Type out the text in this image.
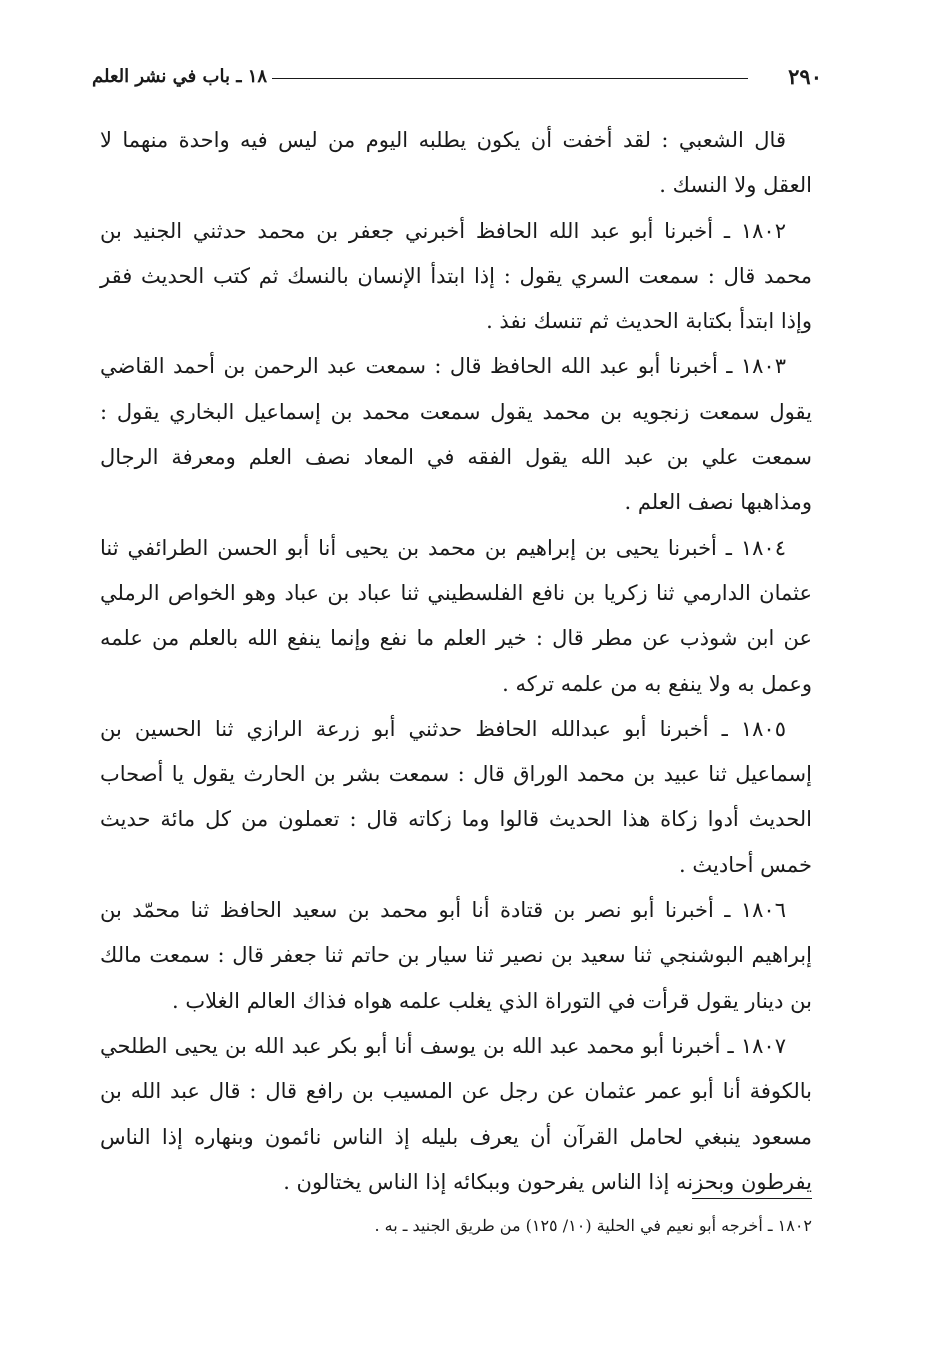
٢٩٠
١٨ ـ باب في نشر العلم

قال الشعبي : لقد أخفت أن يكون يطلبه اليوم من ليس فيه واحدة منهما لا العقل ولا النسك .

١٨٠٢ ـ أخبرنا أبو عبد الله الحافظ أخبرني جعفر بن محمد حدثني الجنيد بن محمد قال : سمعت السري يقول : إذا ابتدأ الإنسان بالنسك ثم كتب الحديث فقر وإذا ابتدأ بكتابة الحديث ثم تنسك نفذ .

١٨٠٣ ـ أخبرنا أبو عبد الله الحافظ قال : سمعت عبد الرحمن بن أحمد القاضي يقول سمعت زنجويه بن محمد يقول سمعت محمد بن إسماعيل البخاري يقول : سمعت علي بن عبد الله يقول الفقه في المعاد نصف العلم ومعرفة الرجال ومذاهبها نصف العلم .

١٨٠٤ ـ أخبرنا يحيى بن إبراهيم بن محمد بن يحيى أنا أبو الحسن الطرائفي ثنا عثمان الدارمي ثنا زكريا بن نافع الفلسطيني ثنا عباد بن عباد وهو الخواص الرملي عن ابن شوذب عن مطر قال : خير العلم ما نفع وإنما ينفع الله بالعلم من علمه وعمل به ولا ينفع به من علمه تركه .

١٨٠٥ ـ أخبرنا أبو عبدالله الحافظ حدثني أبو زرعة الرازي ثنا الحسين بن إسماعيل ثنا عبيد بن محمد الوراق قال : سمعت بشر بن الحارث يقول يا أصحاب الحديث أدوا زكاة هذا الحديث قالوا وما زكاته قال : تعملون من كل مائة حديث خمس أحاديث .

١٨٠٦ ـ أخبرنا أبو نصر بن قتادة أنا أبو محمد بن سعيد الحافظ ثنا محمّد بن إبراهيم البوشنجي ثنا سعيد بن نصير ثنا سيار بن حاتم ثنا جعفر قال : سمعت مالك بن دينار يقول قرأت في التوراة الذي يغلب علمه هواه فذاك العالم الغلاب .

١٨٠٧ ـ أخبرنا أبو محمد عبد الله بن يوسف أنا أبو بكر عبد الله بن يحيى الطلحي بالكوفة أنا أبو عمر عثمان عن رجل عن المسيب بن رافع قال : قال عبد الله بن مسعود ينبغي لحامل القرآن أن يعرف بليله إذ الناس نائمون وبنهاره إذا الناس يفرطون وبحزنه إذا الناس يفرحون وببكائه إذا الناس يختالون .

١٨٠٢ ـ أخرجه أبو نعيم في الحلية (١٠/ ١٢٥) من طريق الجنيد ـ به .
